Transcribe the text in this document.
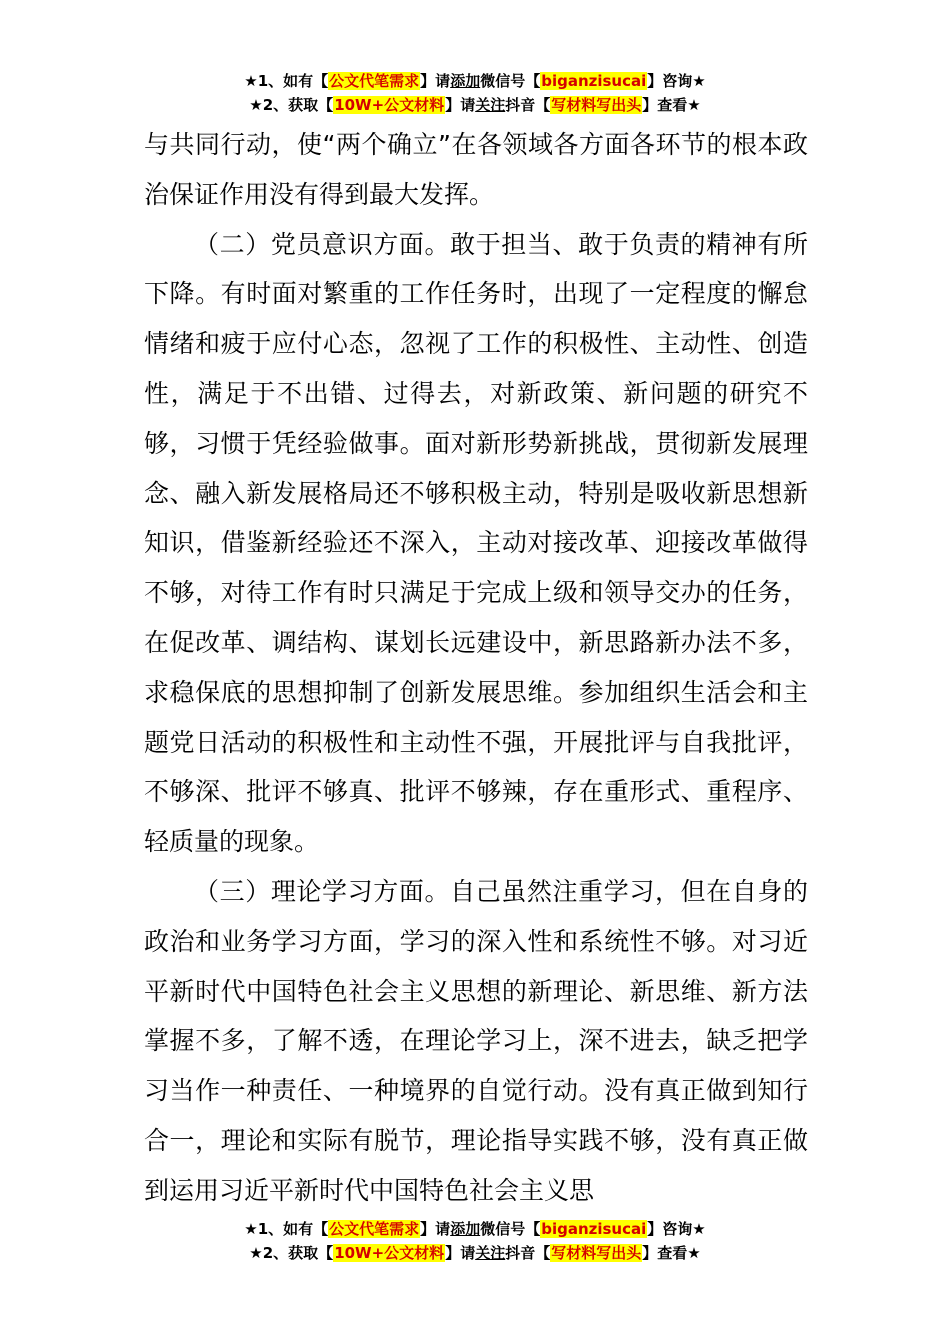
★1、如有【公文代笔需求】请添加微信号【biganzisucai】咨询★
★2、获取【10W+公文材料】请关注抖音【写材料写出头】查看★

与共同行动，使“两个确立”在各领域各方面各环节的根本政治保证作用没有得到最大发挥。

（二）党员意识方面。敢于担当、敢于负责的精神有所下降。有时面对繁重的工作任务时，出现了一定程度的懈怠情绪和疲于应付心态，忽视了工作的积极性、主动性、创造性，满足于不出错、过得去，对新政策、新问题的研究不够，习惯于凭经验做事。面对新形势新挑战，贯彻新发展理念、融入新发展格局还不够积极主动，特别是吸收新思想新知识，借鉴新经验还不深入，主动对接改革、迎接改革做得不够，对待工作有时只满足于完成上级和领导交办的任务，在促改革、调结构、谋划长远建设中，新思路新办法不多，求稳保底的思想抑制了创新发展思维。参加组织生活会和主题党日活动的积极性和主动性不强，开展批评与自我批评，不够深、批评不够真、批评不够辣，存在重形式、重程序、轻质量的现象。

（三）理论学习方面。自己虽然注重学习，但在自身的政治和业务学习方面，学习的深入性和系统性不够。对习近平新时代中国特色社会主义思想的新理论、新思维、新方法掌握不多，了解不透，在理论学习上，深不进去，缺乏把学习当作一种责任、一种境界的自觉行动。没有真正做到知行合一，理论和实际有脱节，理论指导实践不够，没有真正做到运用习近平新时代中国特色社会主义思

★1、如有【公文代笔需求】请添加微信号【biganzisucai】咨询★
★2、获取【10W+公文材料】请关注抖音【写材料写出头】查看★
